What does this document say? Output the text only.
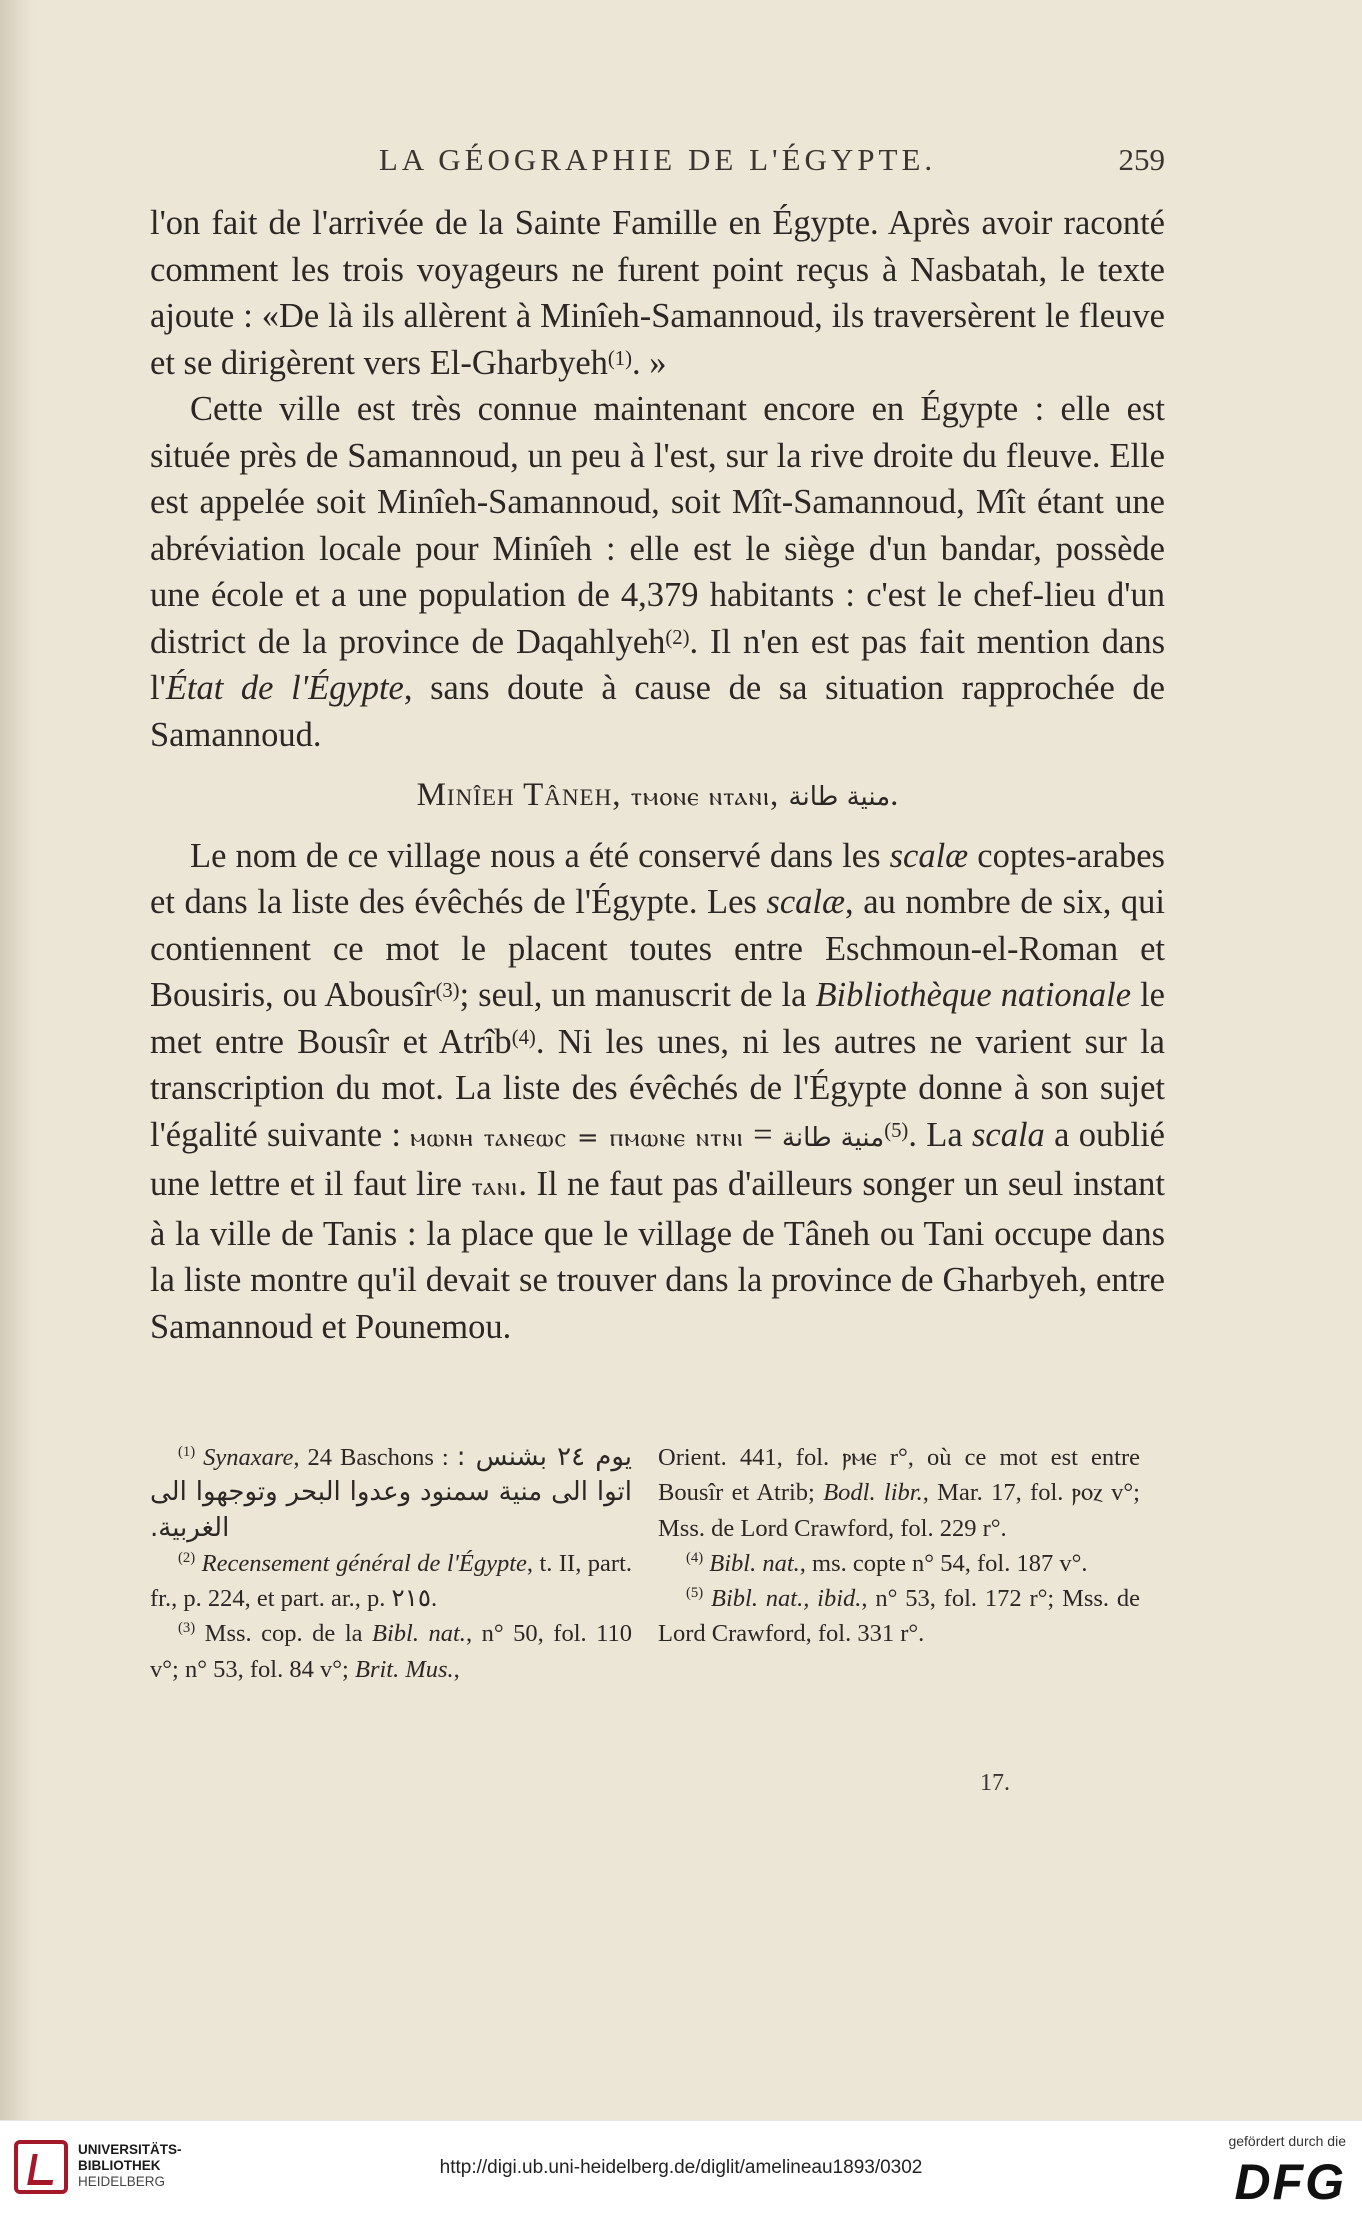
LA GÉOGRAPHIE DE L'ÉGYPTE.	259

l'on fait de l'arrivée de la Sainte Famille en Égypte. Après avoir raconté comment les trois voyageurs ne furent point reçus à Nasbatah, le texte ajoute : «De là ils allèrent à Minîeh-Samannoud, ils traversèrent le fleuve et se dirigèrent vers El-Gharbyeh$^{(1)}$. »

Cette ville est très connue maintenant encore en Égypte : elle est située près de Samannoud, un peu à l'est, sur la rive droite du fleuve. Elle est appelée soit Minîeh-Samannoud, soit Mît-Samannoud, Mît étant une abréviation locale pour Minîeh : elle est le siège d'un bandar, possède une école et a une population de 4,379 habitants : c'est le chef-lieu d'un district de la province de Daqahlyeh$^{(2)}$. Il n'en est pas fait mention dans l'État de l'Égypte, sans doute à cause de sa situation rapprochée de Samannoud.

Minîeh Tâneh, ⲧⲙⲟⲛⲉ ⲛⲧⲁⲛⲓ, منية طانة.

Le nom de ce village nous a été conservé dans les scalæ coptes-arabes et dans la liste des évêchés de l'Égypte. Les scalæ, au nombre de six, qui contiennent ce mot le placent toutes entre Eschmoun-el-Roman et Bousiris, ou Abousîr$^{(3)}$; seul, un manuscrit de la Bibliothèque nationale le met entre Bousîr et Atrîb$^{(4)}$. Ni les unes, ni les autres ne varient sur la transcription du mot. La liste des évêchés de l'Égypte donne à son sujet l'égalité suivante : ⲙⲱⲛⲏ ⲧⲁⲛⲉⲱⲥ = ⲡⲙⲱⲛⲉ ⲛⲧⲛⲓ = منية طانة$^{(5)}$. La scala a oublié une lettre et il faut lire ⲧⲁⲛⲓ. Il ne faut pas d'ailleurs songer un seul instant à la ville de Tanis : la place que le village de Tâneh ou Tani occupe dans la liste montre qu'il devait se trouver dans la province de Gharbyeh, entre Samannoud et Pounemou.

$^{(1)}$ Synaxare, 24 Baschons : يوم ٢٤ بشنس : اتوا الى منية سمنود وعدوا البحر وتوجهوا الى الغربية.

$^{(2)}$ Recensement général de l'Égypte, t. II, part. fr., p. 224, et part. ar., p. ٢١٥.

$^{(3)}$ Mss. cop. de la Bibl. nat., n° 50, fol. 110 v°; n° 53, fol. 84 v°; Brit. Mus.,

Orient. 441, fol. ⲣⲙⲉ r°, où ce mot est entre Bousîr et Atrib; Bodl. libr., Mar. 17, fol. ⲣⲟⲍ v°; Mss. de Lord Crawford, fol. 229 r°.

$^{(4)}$ Bibl. nat., ms. copte n° 54, fol. 187 v°.

$^{(5)}$ Bibl. nat., ibid., n° 53, fol. 172 r°; Mss. de Lord Crawford, fol. 331 r°.

17.
UNIVERSITÄTS-
BIBLIOTHEK
HEIDELBERG
http://digi.ub.uni-heidelberg.de/diglit/amelineau1893/0302
gefördert durch die
DFG
